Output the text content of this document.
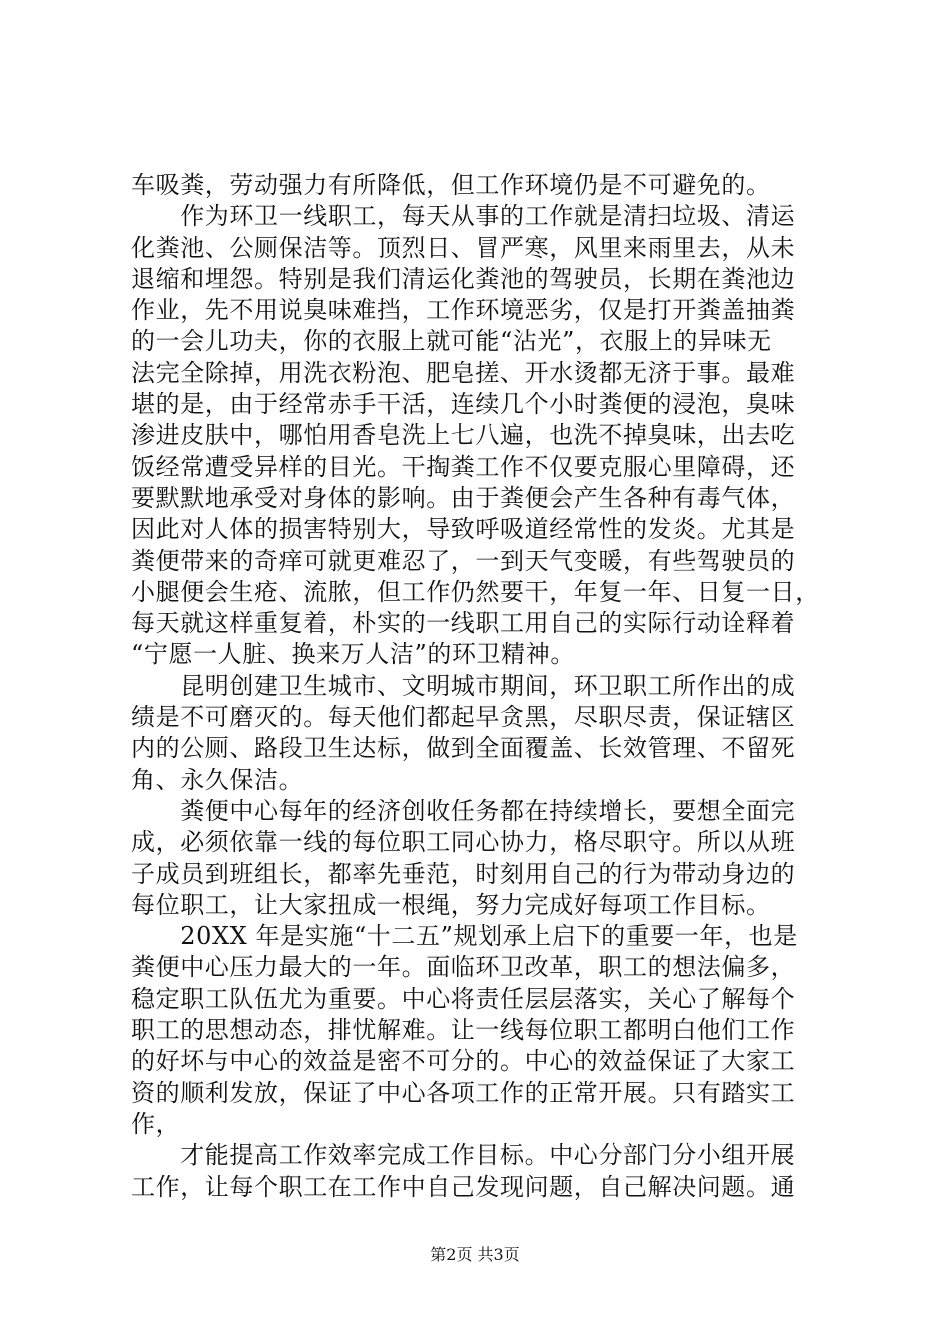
车吸粪，劳动强力有所降低，但工作环境仍是不可避免的。
　　作为环卫一线职工，每天从事的工作就是清扫垃圾、清运
化粪池、公厕保洁等。顶烈日、冒严寒，风里来雨里去，从未
退缩和埋怨。特别是我们清运化粪池的驾驶员，长期在粪池边
作业，先不用说臭味难挡，工作环境恶劣，仅是打开粪盖抽粪
的一会儿功夫，你的衣服上就可能“沾光”，衣服上的异味无
法完全除掉，用洗衣粉泡、肥皂搓、开水烫都无济于事。最难
堪的是，由于经常赤手干活，连续几个小时粪便的浸泡，臭味
渗进皮肤中，哪怕用香皂洗上七八遍，也洗不掉臭味，出去吃
饭经常遭受异样的目光。干掏粪工作不仅要克服心里障碍，还
要默默地承受对身体的影响。由于粪便会产生各种有毒气体，
因此对人体的损害特别大，导致呼吸道经常性的发炎。尤其是
粪便带来的奇痒可就更难忍了，一到天气变暖，有些驾驶员的
小腿便会生疮、流脓，但工作仍然要干，年复一年、日复一日，
每天就这样重复着，朴实的一线职工用自己的实际行动诠释着
“宁愿一人脏、换来万人洁”的环卫精神。
　　昆明创建卫生城市、文明城市期间，环卫职工所作出的成
绩是不可磨灭的。每天他们都起早贪黑，尽职尽责，保证辖区
内的公厕、路段卫生达标，做到全面覆盖、长效管理、不留死
角、永久保洁。
　　粪便中心每年的经济创收任务都在持续增长，要想全面完
成，必须依靠一线的每位职工同心协力，格尽职守。所以从班
子成员到班组长，都率先垂范，时刻用自己的行为带动身边的
每位职工，让大家扭成一根绳，努力完成好每项工作目标。
　　20XX 年是实施“十二五”规划承上启下的重要一年，也是
粪便中心压力最大的一年。面临环卫改革，职工的想法偏多，
稳定职工队伍尤为重要。中心将责任层层落实，关心了解每个
职工的思想动态，排忧解难。让一线每位职工都明白他们工作
的好坏与中心的效益是密不可分的。中心的效益保证了大家工
资的顺利发放，保证了中心各项工作的正常开展。只有踏实工
作，
　　才能提高工作效率完成工作目标。中心分部门分小组开展
工作，让每个职工在工作中自己发现问题，自己解决问题。通
第2页 共3页
